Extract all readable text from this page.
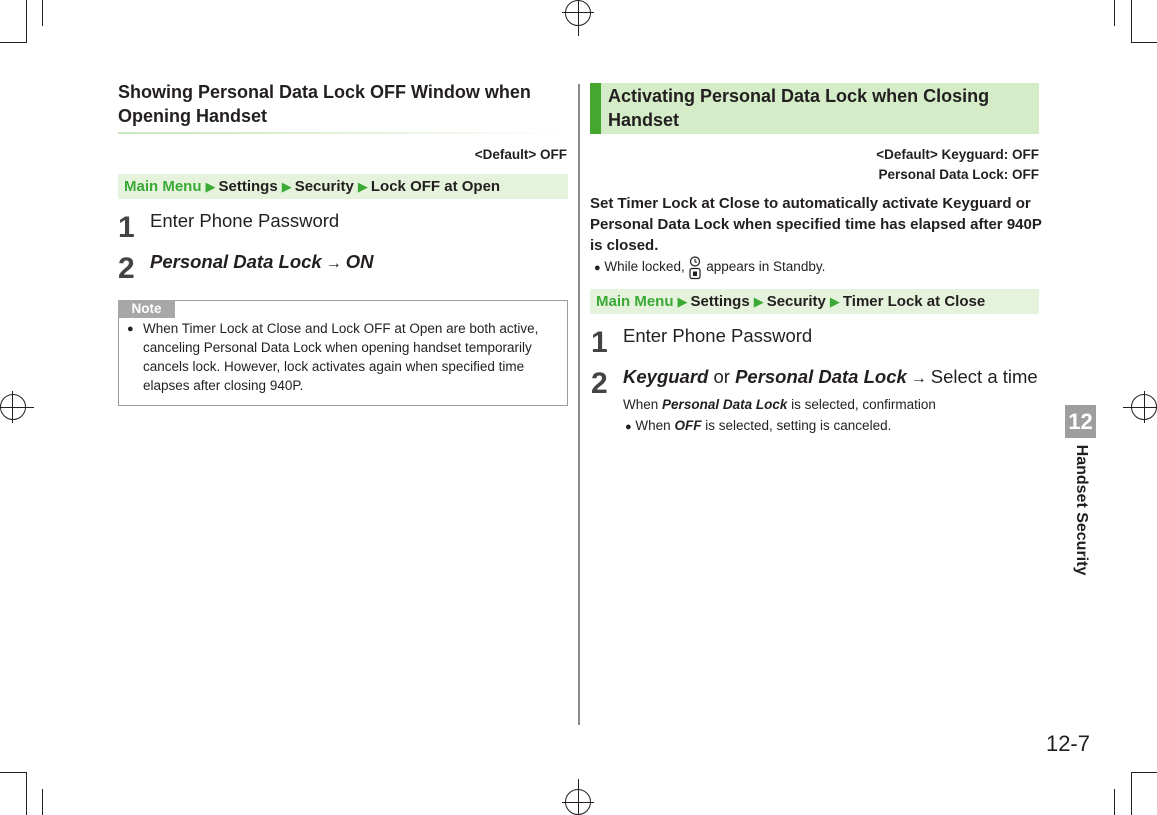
Showing Personal Data Lock OFF Window when Opening Handset
<Default> OFF
Main Menu ▶ Settings ▶ Security ▶ Lock OFF at Open
1 Enter Phone Password
2 Personal Data Lock → ON
Note
● When Timer Lock at Close and Lock OFF at Open are both active, canceling Personal Data Lock when opening handset temporarily cancels lock. However, lock activates again when specified time elapses after closing 940P.
Activating Personal Data Lock when Closing Handset
<Default> Keyguard: OFF
Personal Data Lock: OFF
Set Timer Lock at Close to automatically activate Keyguard or Personal Data Lock when specified time has elapsed after 940P is closed.
● While locked, appears in Standby.
Main Menu ▶ Settings ▶ Security ▶ Timer Lock at Close
1 Enter Phone Password
2 Keyguard or Personal Data Lock → Select a time
When Personal Data Lock is selected, confirmation
● When OFF is selected, setting is canceled.	12
Handset Security
12-7
